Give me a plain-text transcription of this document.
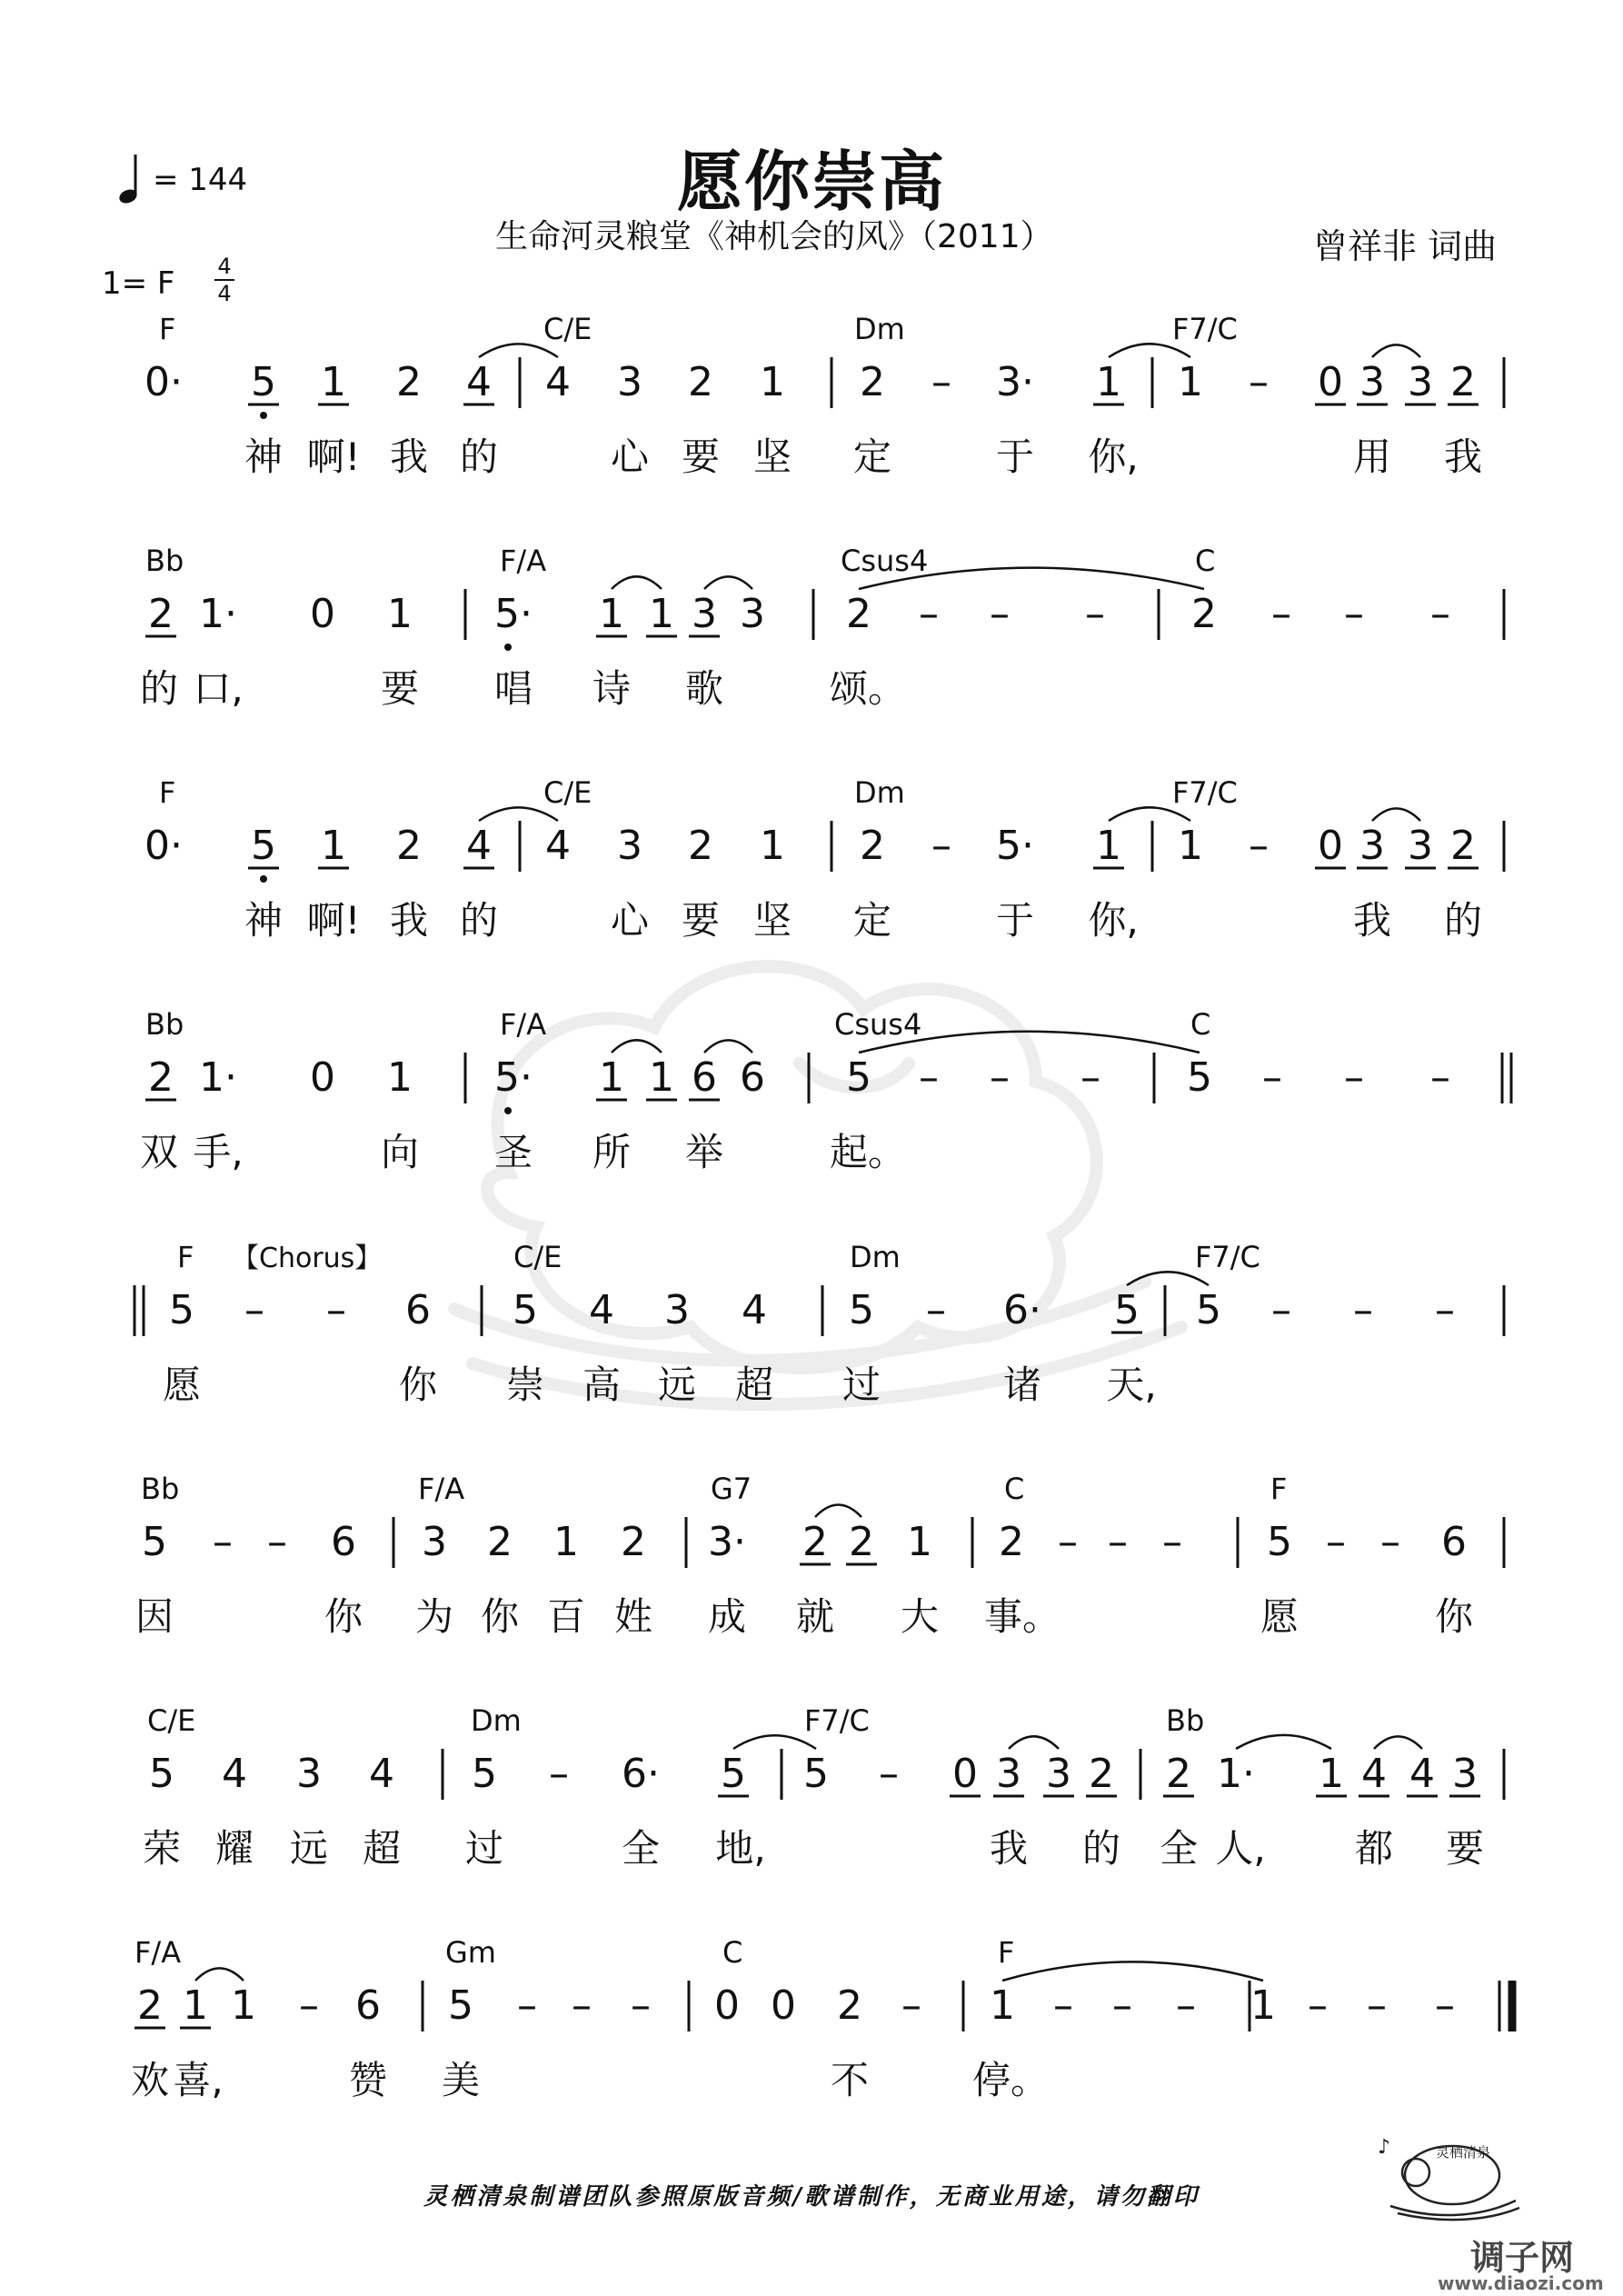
愿你崇高
生命河灵粮堂《神机会的风》（2011）	曾祥非 词曲
= 144
1= F 4
4
F	C/E	Dm	F7/C
0· 5 1 2 4 4 3 2 1 2 – 3· 1 1 – 0 3 3 2
神 啊! 我 的	心 要 坚 定	于 你,	用 我
Bb	F/A	Csus4	C
2 1· 0 1 5· 1 1 3 3 2 – – – 2 – – –
的 口,	要 唱 诗 歌	颂。
F	C/E	Dm	F7/C
0· 5 1 2 4 4 3 2 1 2 – 5· 1 1 – 0 3 3 2
神 啊! 我 的	心 要 坚 定	于 你,	我 的
Bb	F/A	Csus4	C
2 1· 0 1 5· 1 1 6 6 5 – – – 5 – – –
双 手,	向 圣 所 举	起。
F	C/E	Dm	F7/C
【Chorus】
5 – – 6 5 4 3 4 5 – 6· 5 5 – – –
愿	你 崇 高 远 超 过	诸 天,
Bb	F/A	G7	C	F
5 – – 6 3 2 1 2 3· 2 2 1 2 – – – 5 – – 6
因	你 为 你 百 姓 成 就 大 事。	愿	你
C/E	Dm	F7/C	Bb
5 4 3 4 5 – 6· 5 5 – 0 3 3 2 2 1· 1 4 4 3
荣 耀 远 超 过	全 地,	我 的 全 人, 都 要
F/A	Gm	C	F
2 1 1 – 6 5 – – – 0 0 2 – 1 – – – 1 – – –
欢 喜,	赞 美	不	停。
灵栖清泉制谱团队参照原版音频/歌谱制作，无商业用途，请勿翻印
♪	灵栖清泉
调子网
www.diaozi.com
